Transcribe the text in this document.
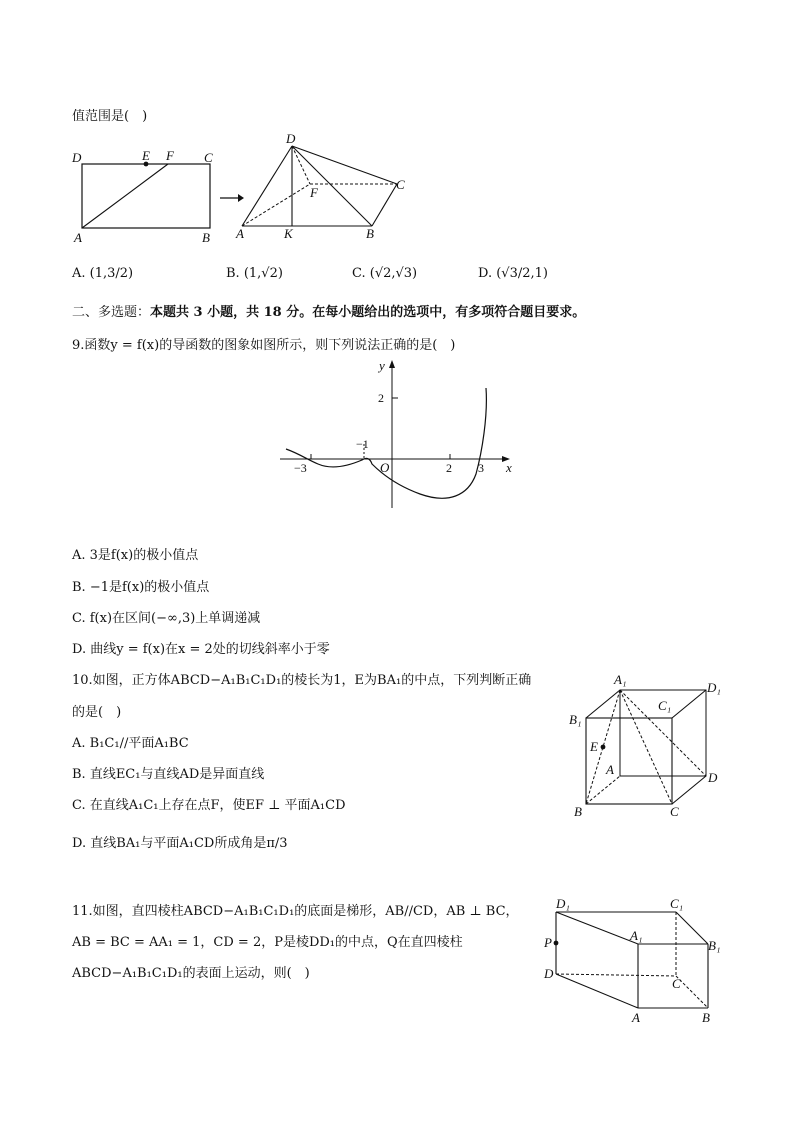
值范围是(　)
D	E F C
A	B
D
C
F
A	K	B
A. (1,3/2)	B. (1,√2)	C. (√2,√3)	D. (√3/2,1)
二、多选题：本题共 3 小题，共 18 分。在每小题给出的选项中，有多项符合题目要求。
9.函数y = f(x)的导函数的图象如图所示，则下列说法正确的是(　)
y
x
2
−1
−3	O	2 3
A. 3是f(x)的极小值点
B. −1是f(x)的极小值点
C. f(x)在区间(−∞,3)上单调递减
D. 曲线y = f(x)在x = 2处的切线斜率小于零
10.如图，正方体ABCD−A₁B₁C₁D₁的棱长为1，E为BA₁的中点，下列判断正确
的是(　)
A. B₁C₁//平面A₁BC
B. 直线EC₁与直线AD是异面直线
C. 在直线A₁C₁上存在点F，使EF ⊥ 平面A₁CD
D. 直线BA₁与平面A₁CD所成角是π/3
A₁
D₁
C₁
B₁
E
A
D
B	C
11.如图，直四棱柱ABCD−A₁B₁C₁D₁的底面是梯形，AB//CD，AB ⊥ BC，
AB = BC = AA₁ = 1，CD = 2，P是棱DD₁的中点，Q在直四棱柱
ABCD−A₁B₁C₁D₁的表面上运动，则(　)
D₁	C₁
A₁
B₁
P
D
C
A	B
